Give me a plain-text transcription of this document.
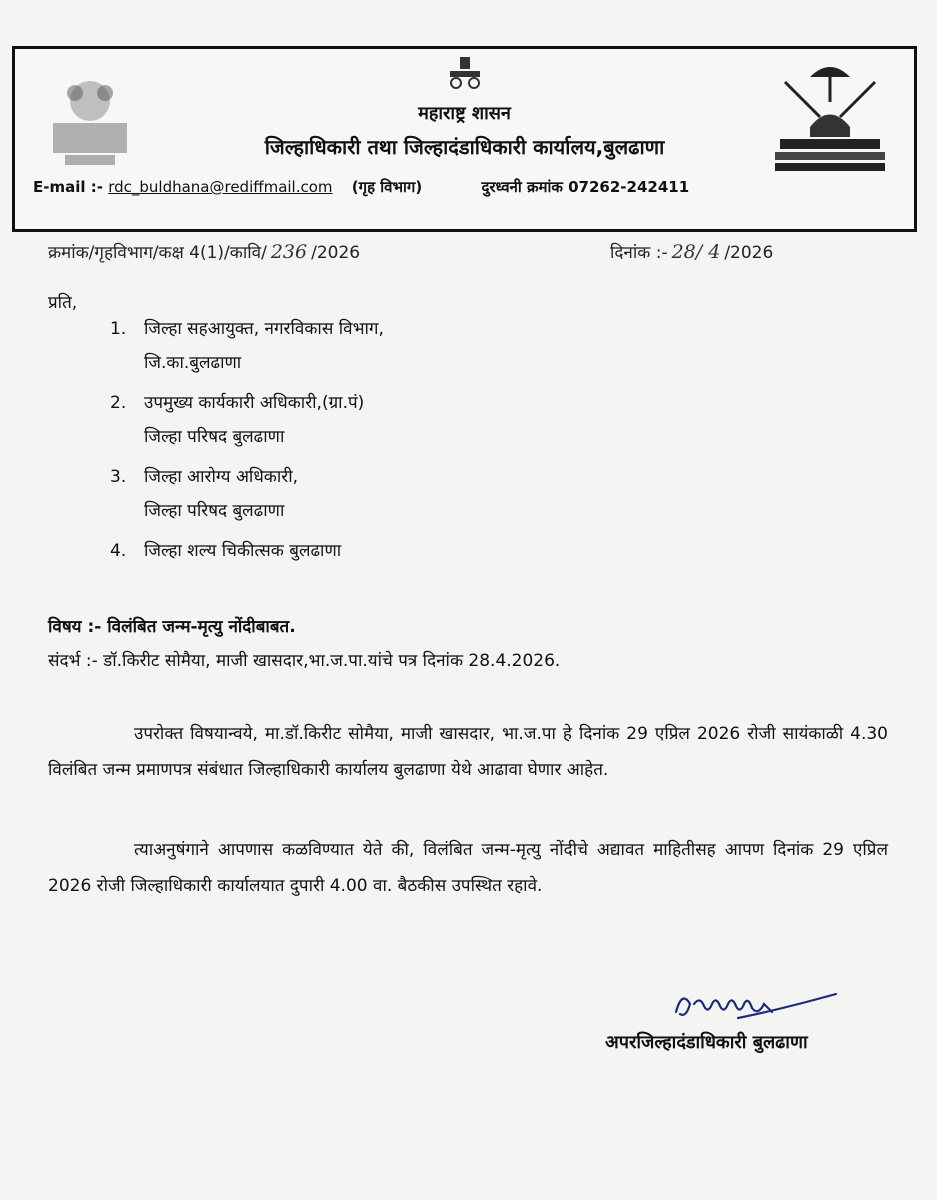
महाराष्ट्र शासन
जिल्हाधिकारी तथा जिल्हादंडाधिकारी कार्यालय,बुलढाणा
E-mail :- rdc_buldhana@rediffmail.com (गृह विभाग)	दुरध्वनी क्रमांक 07262-242411
क्रमांक/गृहविभाग/कक्ष 4(1)/कावि/ 236 /2026	दिनांक :- 28/ 4 /2026
प्रति,
1. जिल्हा सहआयुक्त, नगरविकास विभाग,
जि.का.बुलढाणा
2. उपमुख्य कार्यकारी अधिकारी,(ग्रा.पं)
जिल्हा परिषद बुलढाणा
3. जिल्हा आरोग्य अधिकारी,
जिल्हा परिषद बुलढाणा
4. जिल्हा शल्य चिकीत्सक बुलढाणा
विषय :- विलंबित जन्म-मृत्यु नोंदीबाबत.
संदर्भ :- डॉ.किरीट सोमैया, माजी खासदार,भा.ज.पा.यांचे पत्र दिनांक 28.4.2026.
उपरोक्त विषयान्वये, मा.डॉ.किरीट सोमैया, माजी खासदार, भा.ज.पा हे दिनांक 29 एप्रिल 2026 रोजी सायंकाळी 4.30 विलंबित जन्म प्रमाणपत्र संबंधात जिल्हाधिकारी कार्यालय बुलढाणा येथे आढावा घेणार आहेत.
त्याअनुषंगाने आपणास कळविण्यात येते की, विलंबित जन्म-मृत्यु नोंदीचे अद्यावत माहितीसह आपण दिनांक 29 एप्रिल 2026 रोजी जिल्हाधिकारी कार्यालयात दुपारी 4.00 वा. बैठकीस उपस्थित रहावे.
अपरजिल्हादंडाधिकारी बुलढाणा
